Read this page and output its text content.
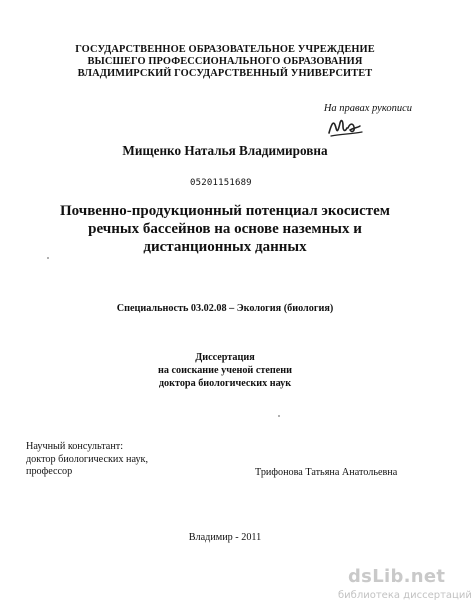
ГОСУДАРСТВЕННОЕ ОБРАЗОВАТЕЛЬНОЕ УЧРЕЖДЕНИЕ
ВЫСШЕГО ПРОФЕССИОНАЛЬНОГО ОБРАЗОВАНИЯ
ВЛАДИМИРСКИЙ ГОСУДАРСТВЕННЫЙ УНИВЕРСИТЕТ
На правах рукописи
Мищенко Наталья Владимировна
05201151689
Почвенно-продукционный потенциал экосистем
речных бассейнов на основе наземных и
дистанционных данных
Специальность 03.02.08 – Экология (биология)
Диссертация
на соискание ученой степени
доктора биологических наук
Научный консультант:
доктор биологических наук,
профессор	Трифонова Татьяна Анатольевна
Владимир - 2011
dsLib.net
библиотека диссертаций
